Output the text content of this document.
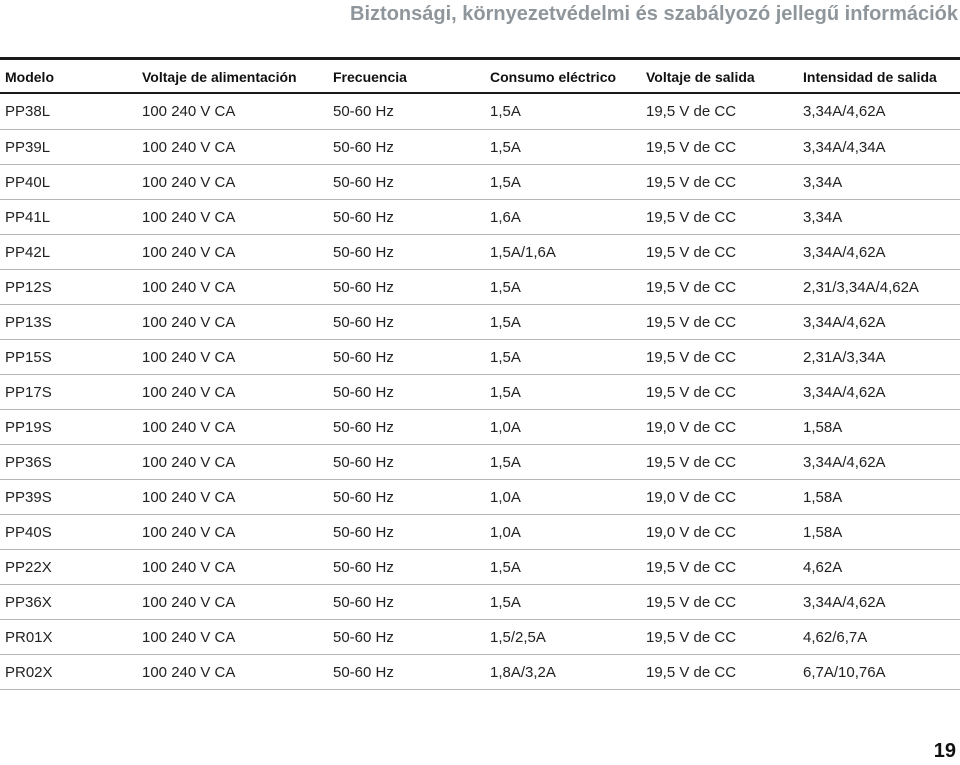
Biztonsági, környezetvédelmi és szabályozó jellegű információk
Modelo	Voltaje de alimentación	Frecuencia	Consumo eléctrico	Voltaje de salida	Intensidad de salida
PP38L	100 240 V CA	50-60 Hz	1,5A	19,5 V de CC	3,34A/4,62A
PP39L	100 240 V CA	50-60 Hz	1,5A	19,5 V de CC	3,34A/4,34A
PP40L	100 240 V CA	50-60 Hz	1,5A	19,5 V de CC	3,34A
PP41L	100 240 V CA	50-60 Hz	1,6A	19,5 V de CC	3,34A
PP42L	100 240 V CA	50-60 Hz	1,5A/1,6A	19,5 V de CC	3,34A/4,62A
PP12S	100 240 V CA	50-60 Hz	1,5A	19,5 V de CC	2,31/3,34A/4,62A
PP13S	100 240 V CA	50-60 Hz	1,5A	19,5 V de CC	3,34A/4,62A
PP15S	100 240 V CA	50-60 Hz	1,5A	19,5 V de CC	2,31A/3,34A
PP17S	100 240 V CA	50-60 Hz	1,5A	19,5 V de CC	3,34A/4,62A
PP19S	100 240 V CA	50-60 Hz	1,0A	19,0 V de CC	1,58A
PP36S	100 240 V CA	50-60 Hz	1,5A	19,5 V de CC	3,34A/4,62A
PP39S	100 240 V CA	50-60 Hz	1,0A	19,0 V de CC	1,58A
PP40S	100 240 V CA	50-60 Hz	1,0A	19,0 V de CC	1,58A
PP22X	100 240 V CA	50-60 Hz	1,5A	19,5 V de CC	4,62A
PP36X	100 240 V CA	50-60 Hz	1,5A	19,5 V de CC	3,34A/4,62A
PR01X	100 240 V CA	50-60 Hz	1,5/2,5A	19,5 V de CC	4,62/6,7A
PR02X	100 240 V CA	50-60 Hz	1,8A/3,2A	19,5 V de CC	6,7A/10,76A
19
